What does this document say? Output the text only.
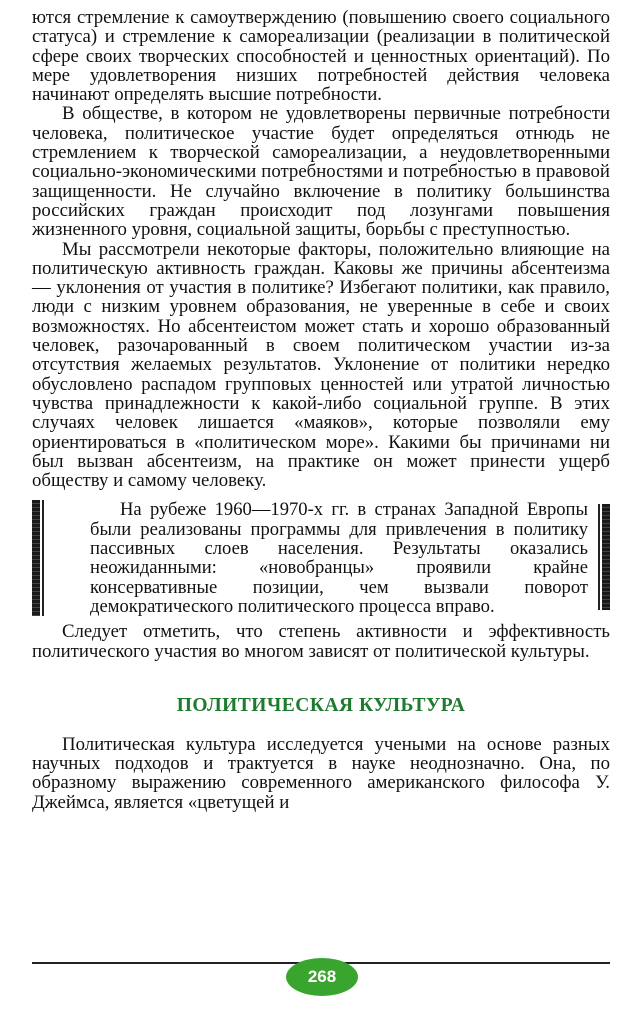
ются стремление к самоутверждению (повышению своего социального статуса) и стремление к самореализации (реализации в политической сфере своих творческих способностей и ценностных ориентаций). По мере удовлетворения низших потребностей действия человека начинают определять высшие потребности.

В обществе, в котором не удовлетворены первичные потребности человека, политическое участие будет определяться отнюдь не стремлением к творческой самореализации, а неудовлетворенными социально-экономическими потребностями и потребностью в правовой защищенности. Не случайно включение в политику большинства российских граждан происходит под лозунгами повышения жизненного уровня, социальной защиты, борьбы с преступностью.

Мы рассмотрели некоторые факторы, положительно влияющие на политическую активность граждан. Каковы же причины абсентеизма — уклонения от участия в политике? Избегают политики, как правило, люди с низким уровнем образования, не уверенные в себе и своих возможностях. Но абсентеистом может стать и хорошо образованный человек, разочарованный в своем политическом участии из-за отсутствия желаемых результатов. Уклонение от политики нередко обусловлено распадом групповых ценностей или утратой личностью чувства принадлежности к какой-либо социальной группе. В этих случаях человек лишается «маяков», которые позволяли ему ориентироваться в «политическом море». Какими бы причинами ни был вызван абсентеизм, на практике он может принести ущерб обществу и самому человеку.

На рубеже 1960—1970-х гг. в странах Западной Европы были реализованы программы для привлечения в политику пассивных слоев населения. Результаты оказались неожиданными: «новобранцы» проявили крайне консервативные позиции, чем вызвали поворот демократического политического процесса вправо.

Следует отметить, что степень активности и эффективность политического участия во многом зависят от политической культуры.

ПОЛИТИЧЕСКАЯ КУЛЬТУРА

Политическая культура исследуется учеными на основе разных научных подходов и трактуется в науке неоднозначно. Она, по образному выражению современного американского философа У. Джеймса, является «цветущей и

268
